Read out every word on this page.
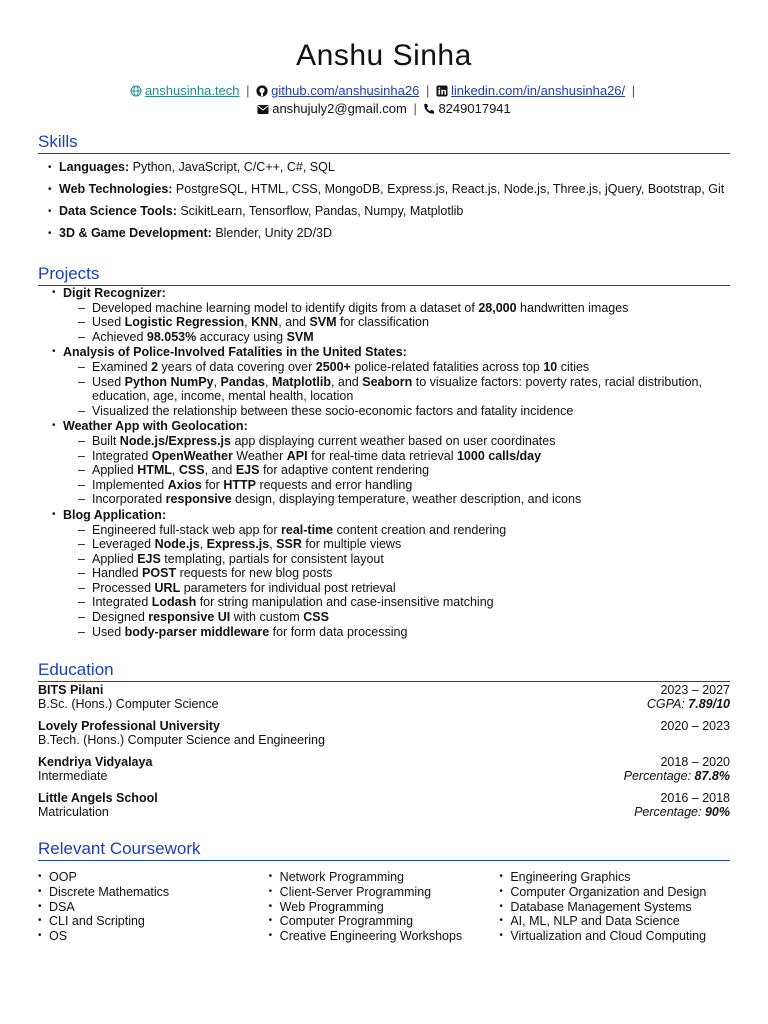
Anshu Sinha
anshusinha.tech | github.com/anshusinha26 | linkedin.com/in/anshusinha26/ |
anshujuly2@gmail.com | 8249017941
Skills
• Languages: Python, JavaScript, C/C++, C#, SQL
• Web Technologies: PostgreSQL, HTML, CSS, MongoDB, Express.js, React.js, Node.js, Three.js, jQuery, Bootstrap, Git
• Data Science Tools: ScikitLearn, Tensorflow, Pandas, Numpy, Matplotlib
• 3D & Game Development: Blender, Unity 2D/3D
Projects
• Digit Recognizer:
– Developed machine learning model to identify digits from a dataset of 28,000 handwritten images
– Used Logistic Regression, KNN, and SVM for classification
– Achieved 98.053% accuracy using SVM
• Analysis of Police-Involved Fatalities in the United States:
– Examined 2 years of data covering over 2500+ police-related fatalities across top 10 cities
– Used Python NumPy, Pandas, Matplotlib, and Seaborn to visualize factors: poverty rates, racial distribution, education, age, income, mental health, location
– Visualized the relationship between these socio-economic factors and fatality incidence
• Weather App with Geolocation:
– Built Node.js/Express.js app displaying current weather based on user coordinates
– Integrated OpenWeather Weather API for real-time data retrieval 1000 calls/day
– Applied HTML, CSS, and EJS for adaptive content rendering
– Implemented Axios for HTTP requests and error handling
– Incorporated responsive design, displaying temperature, weather description, and icons
• Blog Application:
– Engineered full-stack web app for real-time content creation and rendering
– Leveraged Node.js, Express.js, SSR for multiple views
– Applied EJS templating, partials for consistent layout
– Handled POST requests for new blog posts
– Processed URL parameters for individual post retrieval
– Integrated Lodash for string manipulation and case-insensitive matching
– Designed responsive UI with custom CSS
– Used body-parser middleware for form data processing
Education
BITS Pilani	2023 – 2027
B.Sc. (Hons.) Computer Science	CGPA: 7.89/10
Lovely Professional University	2020 – 2023
B.Tech. (Hons.) Computer Science and Engineering
Kendriya Vidyalaya	2018 – 2020
Intermediate	Percentage: 87.8%
Little Angels School	2016 – 2018
Matriculation	Percentage: 90%
Relevant Coursework
• OOP
• Discrete Mathematics
• DSA
• CLI and Scripting
• OS
• Network Programming
• Client-Server Programming
• Web Programming
• Computer Programming
• Creative Engineering Workshops
• Engineering Graphics
• Computer Organization and Design
• Database Management Systems
• AI, ML, NLP and Data Science
• Virtualization and Cloud Computing
